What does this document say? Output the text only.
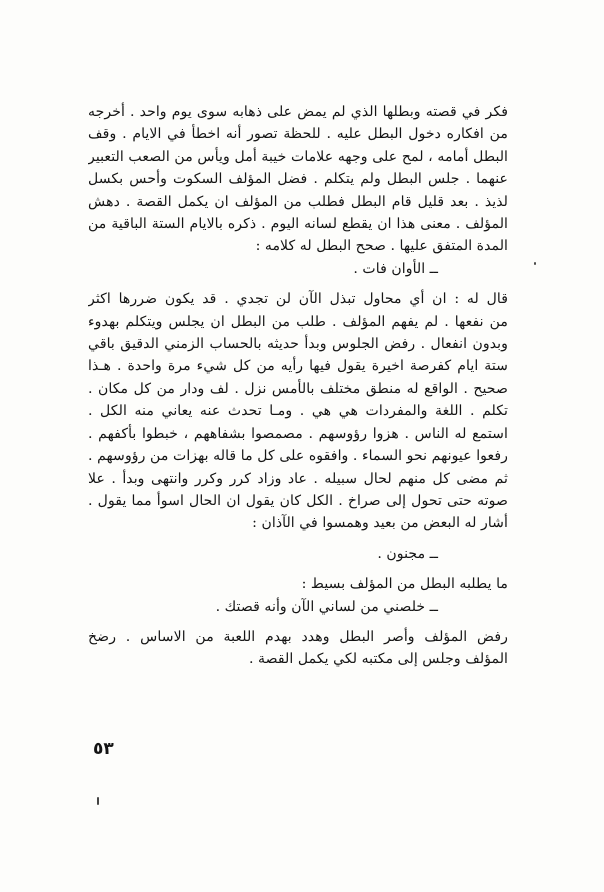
فكر في قصته وبطلها الذي لم يمض على ذهابه سوى يوم واحد . أخرجه
من افكاره دخول البطل عليه . للحظة تصور أنه اخطأ في الايام . وقف
البطل أمامه ، لمح على وجهه علامات خيبة أمل ويأس من الصعب التعبير
عنهما . جلس البطل ولم يتكلم . فضل المؤلف السكوت وأحس بكسل
لذيذ . بعد قليل قام البطل فطلب من المؤلف ان يكمل القصة . دهش
المؤلف . معنى هذا ان يقطع لسانه اليوم . ذكره بالايام الستة الباقية من
المدة المتفق عليها . صحح البطل له كلامه :

ــ الأوان فات .

قال له : ان أي محاول تبذل الآن لن تجدي . قد يكون ضررها اكثر
من نفعها . لم يفهم المؤلف . طلب من البطل ان يجلس ويتكلم بهدوء
وبدون انفعال . رفض الجلوس وبدأ حديثه بالحساب الزمني الدقيق باقي
ستة ايام كفرصة اخيرة يقول فيها رأيه من كل شيء مرة واحدة . هـذا
صحيح . الواقع له منطق مختلف بالأمس نزل . لف ودار من كل مكان .
تكلم . اللغة والمفردات هي هي . ومـا تحدث عنه يعاني منه الكل .
استمع له الناس . هزوا رؤوسهم . مصمصوا بشفاههم ، خبطوا بأكفهم .
رفعوا عيونهم نحو السماء . وافقوه على كل ما قاله بهزات من رؤوسهم .
ثم مضى كل منهم لحال سبيله . عاد وزاد كرر وكرر وانتهى وبدأ . علا
صوته حتى تحول إلى صراخ . الكل كان يقول ان الحال اسوأ مما يقول .
أشار له البعض من بعيد وهمسوا في الآذان :

ــ مجنون .

ما يطلبه البطل من المؤلف بسيط :

ــ خلصني من لساني الآن وأنه قصتك .

رفض المؤلف وأصر البطل وهدد بهدم اللعبة من الاساس . رضخ
المؤلف وجلس إلى مكتبه لكي يكمل القصة .

٥٣
